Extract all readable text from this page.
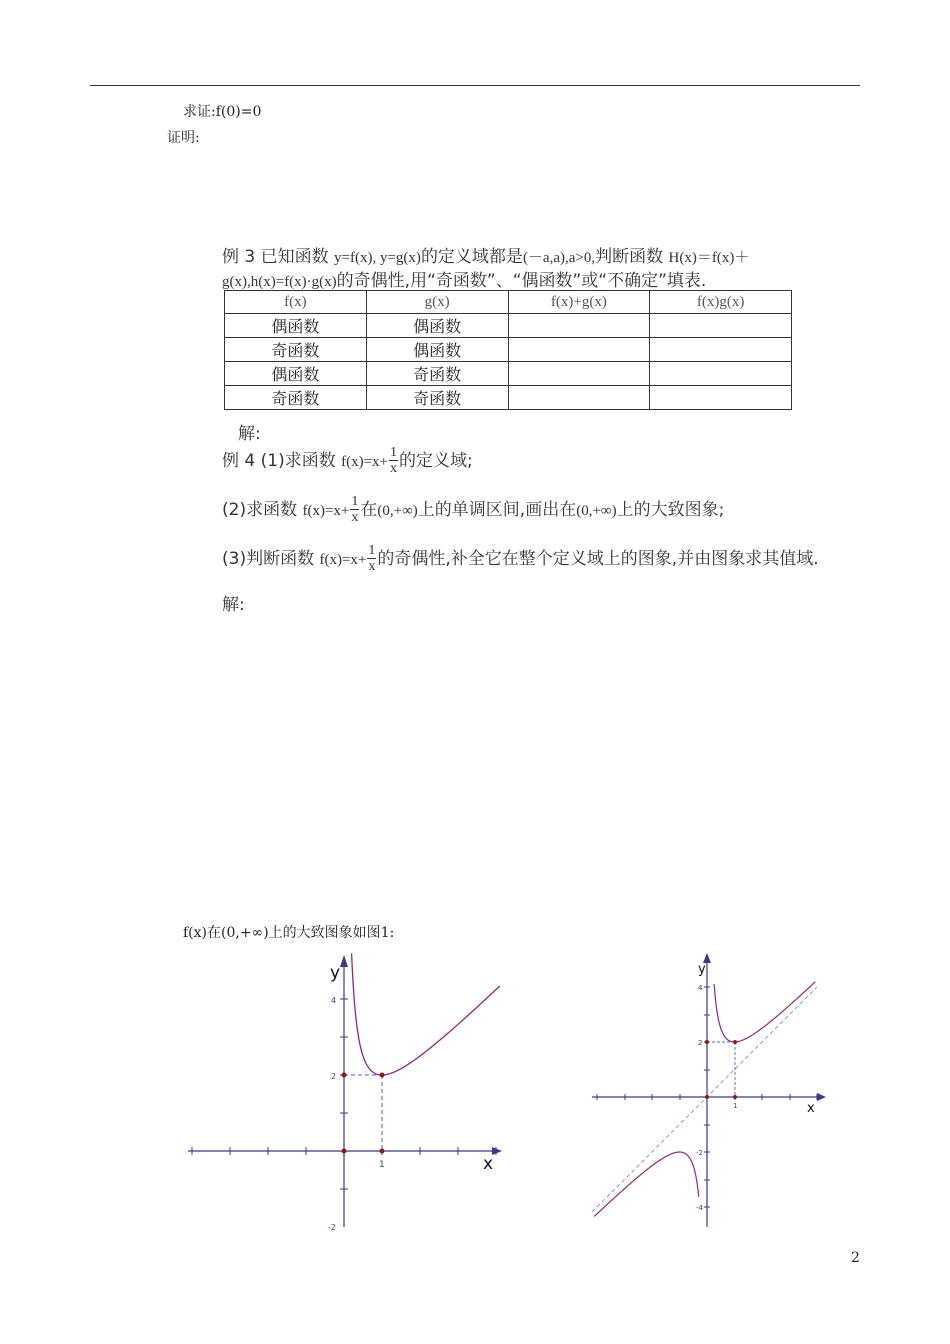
求证:f(0)=0
证明:
例 3 已知函数 y=f(x), y=g(x)的定义域都是(－a,a),a>0,判断函数 H(x)＝f(x)＋
g(x),h(x)=f(x)·g(x)的奇偶性,用“奇函数”、“偶函数”或“不确定”填表.
f(x)	g(x)	f(x)+g(x)	f(x)g(x)
偶函数	偶函数		
奇函数	偶函数		
偶函数	奇函数		
奇函数	奇函数		
解:
例 4 (1)求函数 $f(x)=x+ \frac{1}{x}$ 的定义域;
(2)求函数 $f(x)=x+ \frac{1}{x}$ 在(0,+∞)上的单调区间,画出在(0,+∞)上的大致图象;
(3)判断函数 $f(x)=x+ \frac{1}{x}$ 的奇偶性,补全它在整个定义域上的图象,并由图象求其值域.
解:
f(x)在(0,+∞)上的大致图象如图1:
4
2
-2
1
y
x
4
2
-2
-4
1
y
x
2
